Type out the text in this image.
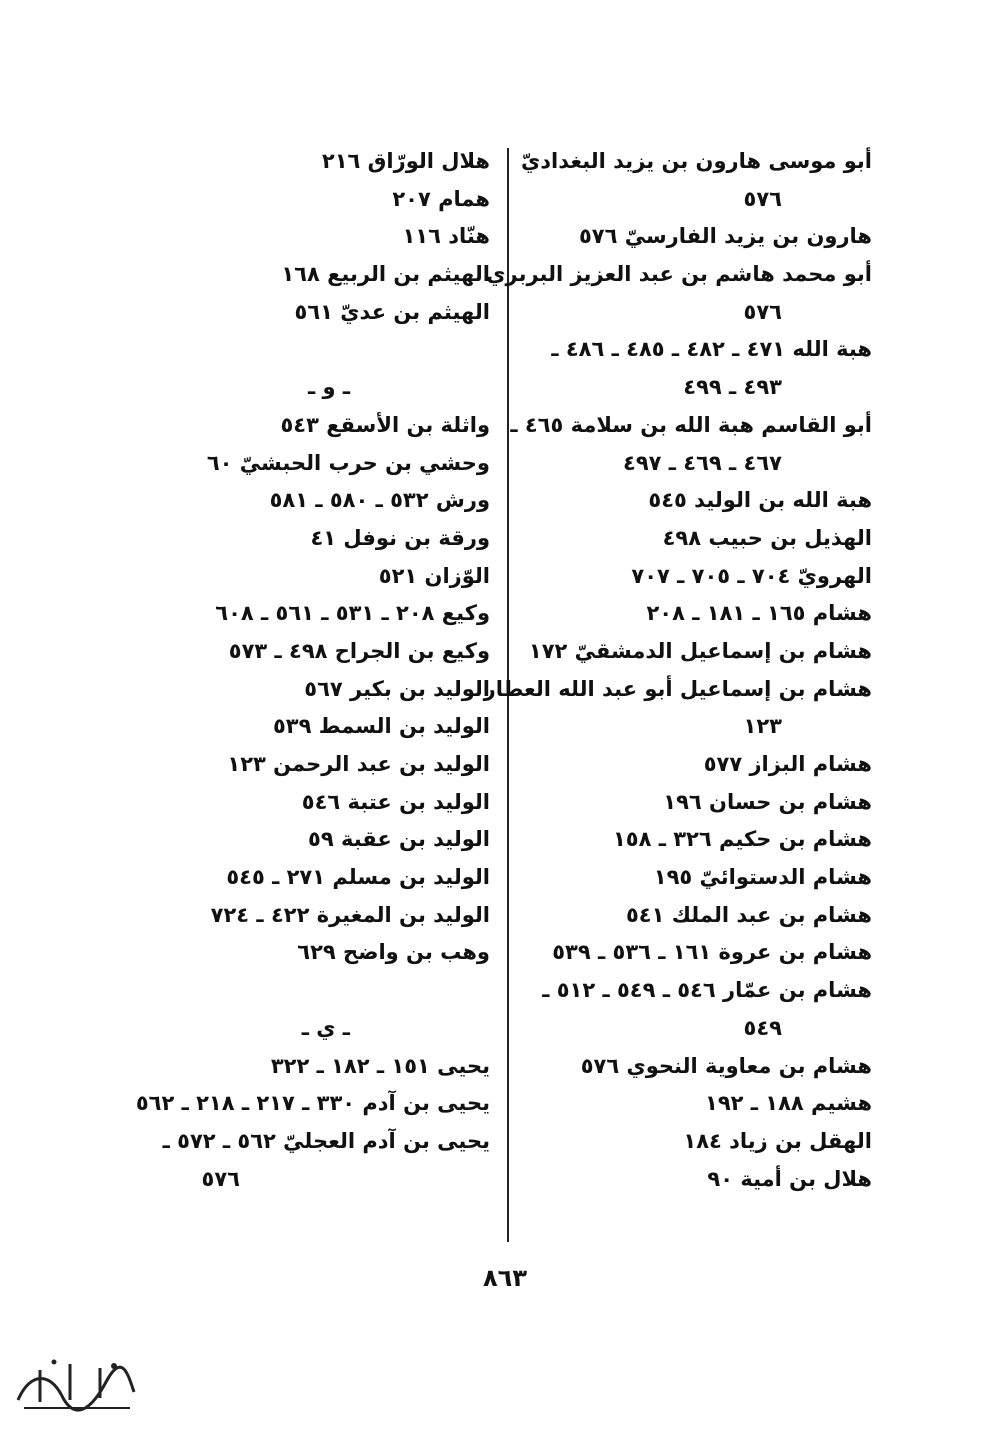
أبو موسى هارون بن يزيد البغداديّ
٥٧٦
هارون بن يزيد الفارسيّ ٥٧٦
أبو محمد هاشم بن عبد العزيز البربري
٥٧٦
هبة الله ٤٧١ ـ ٤٨٢ ـ ٤٨٥ ـ ٤٨٦ ـ
٤٩٣ ـ ٤٩٩
أبو القاسم هبة الله بن سلامة ٤٦٥ ـ
٤٦٧ ـ ٤٦٩ ـ ٤٩٧
هبة الله بن الوليد ٥٤٥
الهذيل بن حبيب ٤٩٨
الهرويّ ٧٠٤ ـ ٧٠٥ ـ ٧٠٧
هشام ١٦٥ ـ ١٨١ ـ ٢٠٨
هشام بن إسماعيل الدمشقيّ ١٧٢
هشام بن إسماعيل أبو عبد الله العطار
١٢٣
هشام البزاز ٥٧٧
هشام بن حسان ١٩٦
هشام بن حكيم ٣٢٦ ـ ١٥٨
هشام الدستوائيّ ١٩٥
هشام بن عبد الملك ٥٤١
هشام بن عروة ١٦١ ـ ٥٣٦ ـ ٥٣٩
هشام بن عمّار ٥٤٦ ـ ٥٤٩ ـ ٥١٢ ـ
٥٤٩
هشام بن معاوية النحوي ٥٧٦
هشيم ١٨٨ ـ ١٩٢
الهقل بن زياد ١٨٤
هلال بن أمية ٩٠
هلال الورّاق ٢١٦
همام ٢٠٧
هنّاد ١١٦
الهيثم بن الربيع ١٦٨
الهيثم بن عديّ ٥٦١
ـ و ـ
واثلة بن الأسقع ٥٤٣
وحشي بن حرب الحبشيّ ٦٠
ورش ٥٣٢ ـ ٥٨٠ ـ ٥٨١
ورقة بن نوفل ٤١
الوّزان ٥٢١
وكيع ٢٠٨ ـ ٥٣١ ـ ٥٦١ ـ ٦٠٨
وكيع بن الجراح ٤٩٨ ـ ٥٧٣
الوليد بن بكير ٥٦٧
الوليد بن السمط ٥٣٩
الوليد بن عبد الرحمن ١٢٣
الوليد بن عتبة ٥٤٦
الوليد بن عقبة ٥٩
الوليد بن مسلم ٢٧١ ـ ٥٤٥
الوليد بن المغيرة ٤٢٢ ـ ٧٢٤
وهب بن واضح ٦٢٩
ـ ي ـ
يحيى ١٥١ ـ ١٨٢ ـ ٣٢٢
يحيى بن آدم ٣٣٠ ـ ٢١٧ ـ ٢١٨ ـ ٥٦٢
يحيى بن آدم العجليّ ٥٦٢ ـ ٥٧٢ ـ
٥٧٦
٨٦٣
